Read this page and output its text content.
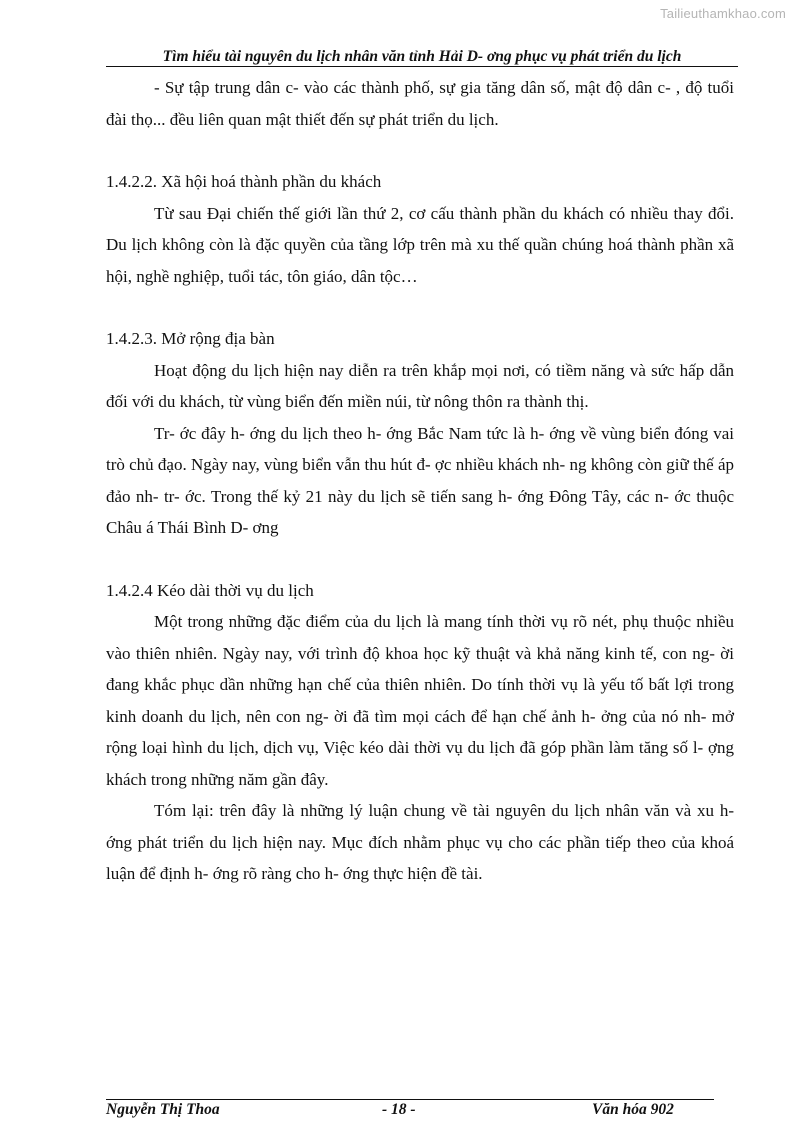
Tailieuthamkhao.com
Tìm hiểu tài nguyên du lịch nhân văn tỉnh Hải D- ơng phục vụ phát triển du lịch

- Sự tập trung dân c- vào các thành phố, sự gia tăng dân số, mật độ dân c- , độ tuổi đài thọ... đều liên quan mật thiết đến sự phát triển du lịch.

1.4.2.2. Xã hội hoá thành phần du khách

Từ sau Đại chiến thế giới lần thứ 2, cơ cấu thành phần du khách có nhiều thay đổi. Du lịch không còn là đặc quyền của tầng lớp trên mà xu thế quần chúng hoá thành phần xã hội, nghề nghiệp, tuổi tác, tôn giáo, dân tộc…

1.4.2.3. Mở rộng địa bàn

Hoạt động du lịch hiện nay diễn ra trên khắp mọi nơi, có tiềm năng và sức hấp dẫn đối với du khách, từ vùng biển đến miền núi, từ nông thôn ra thành thị.

Tr- ớc đây h- ớng du lịch theo h- ớng Bắc Nam tức là h- ớng về vùng biển đóng vai trò chủ đạo. Ngày nay, vùng biển vẫn thu hút đ- ợc nhiều khách nh- ng không còn giữ thế áp đảo nh- tr- ớc. Trong thế kỷ 21 này du lịch sẽ tiến sang h- ớng Đông Tây, các n- ớc thuộc Châu á Thái Bình D- ơng

1.4.2.4 Kéo dài thời vụ du lịch

Một trong những đặc điểm của du lịch là mang tính thời vụ rõ nét, phụ thuộc nhiều vào thiên nhiên. Ngày nay, với trình độ khoa học kỹ thuật và khả năng kinh tế, con ng- ời đang khắc phục dần những hạn chế của thiên nhiên. Do tính thời vụ là yếu tố bất lợi trong kinh doanh du lịch, nên con ng- ời đã tìm mọi cách để hạn chế ảnh h- ởng của nó nh- mở rộng loại hình du lịch, dịch vụ, Việc kéo dài thời vụ du lịch đã góp phần làm tăng số l- ợng khách trong những năm gần đây.

Tóm lại: trên đây là những lý luận chung về tài nguyên du lịch nhân văn và xu h- ớng phát triển du lịch hiện nay. Mục đích nhằm phục vụ cho các phần tiếp theo của khoá luận để định h- ớng rõ ràng cho h- ớng thực hiện đề tài.

Nguyễn Thị Thoa	- 18 -	Văn hóa 902
